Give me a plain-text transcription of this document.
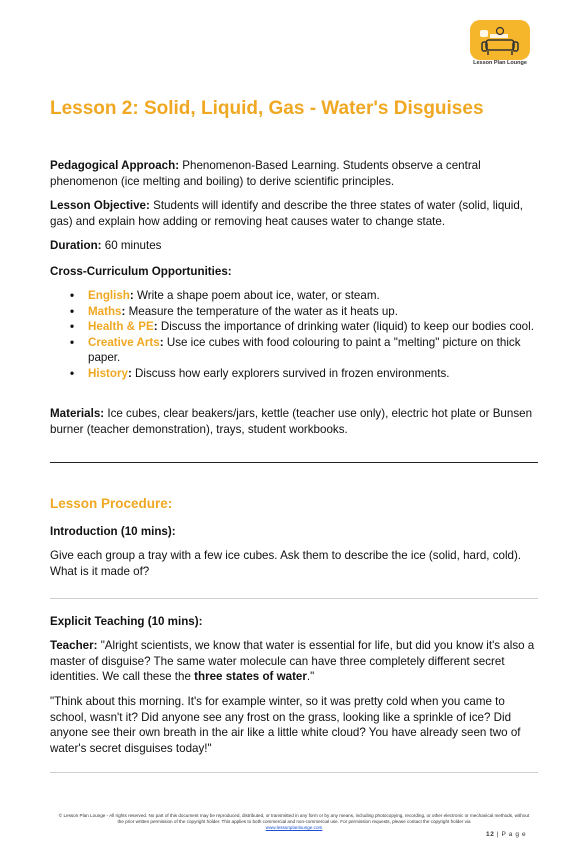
Lesson Plan Lounge
Lesson 2: Solid, Liquid, Gas - Water's Disguises

Pedagogical Approach: Phenomenon-Based Learning. Students observe a central phenomenon (ice melting and boiling) to derive scientific principles.

Lesson Objective: Students will identify and describe the three states of water (solid, liquid, gas) and explain how adding or removing heat causes water to change state.

Duration: 60 minutes

Cross-Curriculum Opportunities:

• English: Write a shape poem about ice, water, or steam.
• Maths: Measure the temperature of the water as it heats up.
• Health & PE: Discuss the importance of drinking water (liquid) to keep our bodies cool.
• Creative Arts: Use ice cubes with food colouring to paint a "melting" picture on thick paper.
• History: Discuss how early explorers survived in frozen environments.

Materials: Ice cubes, clear beakers/jars, kettle (teacher use only), electric hot plate or Bunsen burner (teacher demonstration), trays, student workbooks.

Lesson Procedure:

Introduction (10 mins):

Give each group a tray with a few ice cubes. Ask them to describe the ice (solid, hard, cold). What is it made of?

Explicit Teaching (10 mins):

Teacher: "Alright scientists, we know that water is essential for life, but did you know it's also a master of disguise? The same water molecule can have three completely different secret identities. We call these the three states of water."

"Think about this morning. It's for example winter, so it was pretty cold when you came to school, wasn't it? Did anyone see any frost on the grass, looking like a sprinkle of ice? Did anyone see their own breath in the air like a little white cloud? You have already seen two of water's secret disguises today!"

© Lesson Plan Lounge - All rights reserved. No part of this document may be reproduced, distributed, or transmitted in any form or by any means, including photocopying, recording, or other electronic or mechanical methods, without the prior written permission of the copyright holder. This applies to both commercial and non-commercial use. For permission requests, please contact the copyright holder via
www.lessonplanlounge.com
12 | P a g e
